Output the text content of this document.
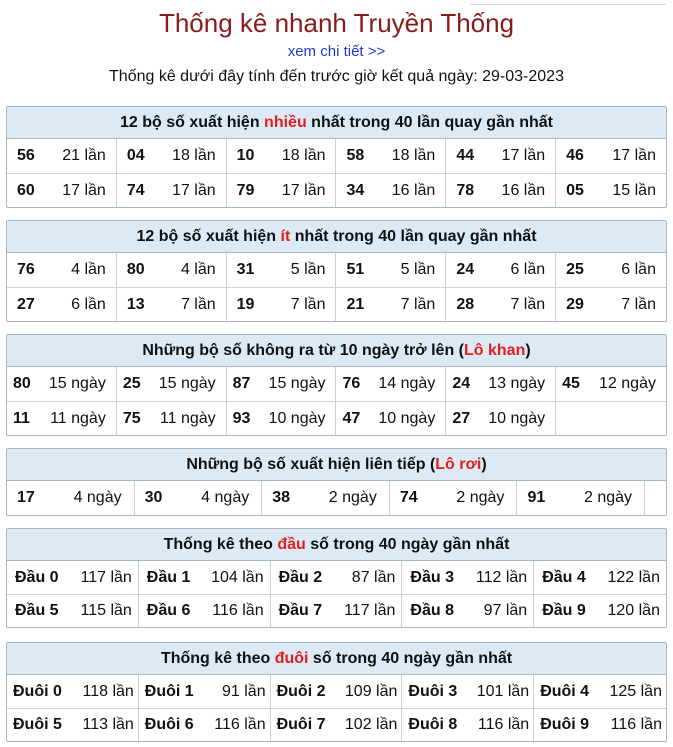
Thống kê nhanh Truyền Thống
xem chi tiết >>
Thống kê dưới đây tính đến trước giờ kết quả ngày: 29-03-2023
12 bộ số xuất hiện nhiều nhất trong 40 lần quay gần nhất
56 21 lần 04 18 lần 10 18 lần 58 18 lần 44 17 lần 46 17 lần
60 17 lần 74 17 lần 79 17 lần 34 16 lần 78 16 lần 05 15 lần
12 bộ số xuất hiện ít nhất trong 40 lần quay gần nhất
76 4 lần 80 4 lần 31 5 lần 51 5 lần 24 6 lần 25 6 lần
27 6 lần 13 7 lần 19 7 lần 21 7 lần 28 7 lần 29 7 lần
Những bộ số không ra từ 10 ngày trở lên (Lô khan)
80 15 ngày 25 15 ngày 87 15 ngày 76 14 ngày 24 13 ngày 45 12 ngày
11 11 ngày 75 11 ngày 93 10 ngày 47 10 ngày 27 10 ngày
Những bộ số xuất hiện liên tiếp (Lô rơi)
17 4 ngày	30 4 ngày	38 2 ngày	74 2 ngày	91 2 ngày
Thống kê theo đầu số trong 40 ngày gần nhất
Đầu 0 117 lần Đầu 1 104 lần Đầu 2 87 lần Đầu 3 112 lần Đầu 4 122 lần
Đầu 5 115 lần Đầu 6 116 lần Đầu 7 117 lần Đầu 8 97 lần Đầu 9 120 lần
Thống kê theo đuôi số trong 40 ngày gần nhất
Đuôi 0 118 lần Đuôi 1 91 lần Đuôi 2 109 lần Đuôi 3 101 lần Đuôi 4 125 lần
Đuôi 5 113 lần Đuôi 6 116 lần Đuôi 7 102 lần Đuôi 8 116 lần Đuôi 9 116 lần
